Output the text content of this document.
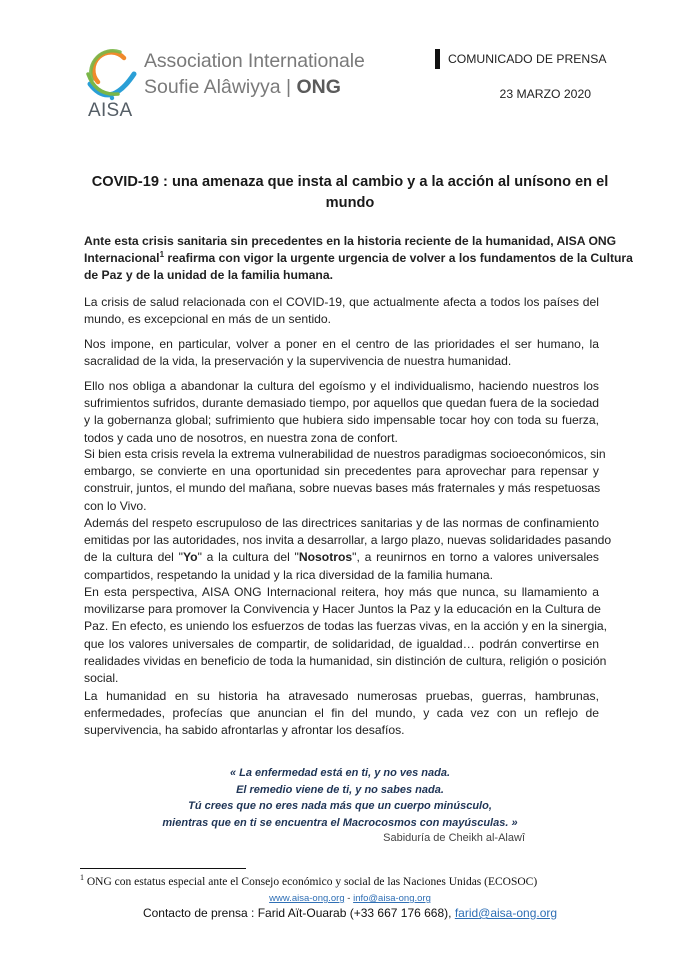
Association Internationale
Soufie Alâwiyya | ONG
AISA
COMUNICADO DE PRENSA
23 MARZO 2020
COVID-19 : una amenaza que insta al cambio y a la acción al unísono en el
mundo
Ante esta crisis sanitaria sin precedentes en la historia reciente de la humanidad, AISA ONG
Internacional$^1$ reafirma con vigor la urgente urgencia de volver a los fundamentos de la Cultura
de Paz y de la unidad de la familia humana.
La crisis de salud relacionada con el COVID-19, que actualmente afecta a todos los países del
mundo, es excepcional en más de un sentido.
Nos impone, en particular, volver a poner en el centro de las prioridades el ser humano, la
sacralidad de la vida, la preservación y la supervivencia de nuestra humanidad.
Ello nos obliga a abandonar la cultura del egoísmo y el individualismo, haciendo nuestros los
sufrimientos sufridos, durante demasiado tiempo, por aquellos que quedan fuera de la sociedad
y la gobernanza global; sufrimiento que hubiera sido impensable tocar hoy con toda su fuerza,
todos y cada uno de nosotros, en nuestra zona de confort.
Si bien esta crisis revela la extrema vulnerabilidad de nuestros paradigmas socioeconómicos, sin
embargo, se convierte en una oportunidad sin precedentes para aprovechar para repensar y
construir, juntos, el mundo del mañana, sobre nuevas bases más fraternales y más respetuosas
con lo Vivo.
Además del respeto escrupuloso de las directrices sanitarias y de las normas de confinamiento
emitidas por las autoridades, nos invita a desarrollar, a largo plazo, nuevas solidaridades pasando
de la cultura del "Yo" a la cultura del "Nosotros", a reunirnos en torno a valores universales
compartidos, respetando la unidad y la rica diversidad de la familia humana.
En esta perspectiva, AISA ONG Internacional reitera, hoy más que nunca, su llamamiento a
movilizarse para promover la Convivencia y Hacer Juntos la Paz y la educación en la Cultura de
Paz. En efecto, es uniendo los esfuerzos de todas las fuerzas vivas, en la acción y en la sinergia,
que los valores universales de compartir, de solidaridad, de igualdad… podrán convertirse en
realidades vividas en beneficio de toda la humanidad, sin distinción de cultura, religión o posición
social.
La humanidad en su historia ha atravesado numerosas pruebas, guerras, hambrunas,
enfermedades, profecías que anuncian el fin del mundo, y cada vez con un reflejo de
supervivencia, ha sabido afrontarlas y afrontar los desafíos.
« La enfermedad está en ti, y no ves nada.
El remedio viene de ti, y no sabes nada.
Tú crees que no eres nada más que un cuerpo minúsculo,
mientras que en ti se encuentra el Macrocosmos con mayúsculas. »
Sabiduría de Cheikh al-Alawî
$^1$ ONG con estatus especial ante el Consejo económico y social de las Naciones Unidas (ECOSOC)
www.aisa-ong.org - info@aisa-ong.org
Contacto de prensa : Farid Aït-Ouarab (+33 667 176 668), farid@aisa-ong.org
